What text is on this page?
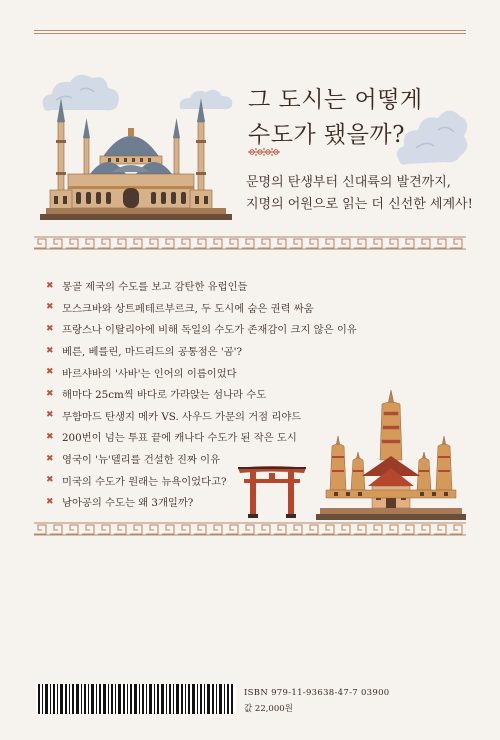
그 도시는 어떻게
수도가 됐을까?
문명의 탄생부터 신대륙의 발견까지,
지명의 어원으로 읽는 더 신선한 세계사!
✖ 몽골 제국의 수도를 보고 감탄한 유럽인들
✖ 모스크바와 상트페테르부르크, 두 도시에 숨은 권력 싸움
✖ 프랑스나 이탈리아에 비해 독일의 수도가 존재감이 크지 않은 이유
✖ 베른, 베를린, 마드리드의 공통점은 '곰'?
✖ 바르샤바의 '사바'는 인어의 이름이었다
✖ 해마다 25cm씩 바다로 가라앉는 섬나라 수도
✖ 무함마드 탄생지 메카 VS. 사우드 가문의 거점 리야드
✖ 200번이 넘는 투표 끝에 캐나다 수도가 된 작은 도시
✖ 영국이 '뉴'델리를 건설한 진짜 이유
✖ 미국의 수도가 원래는 뉴욕이었다고?
✖ 남아공의 수도는 왜 3개일까?
ISBN 979-11-93638-47-7 03900
값 22,000원
